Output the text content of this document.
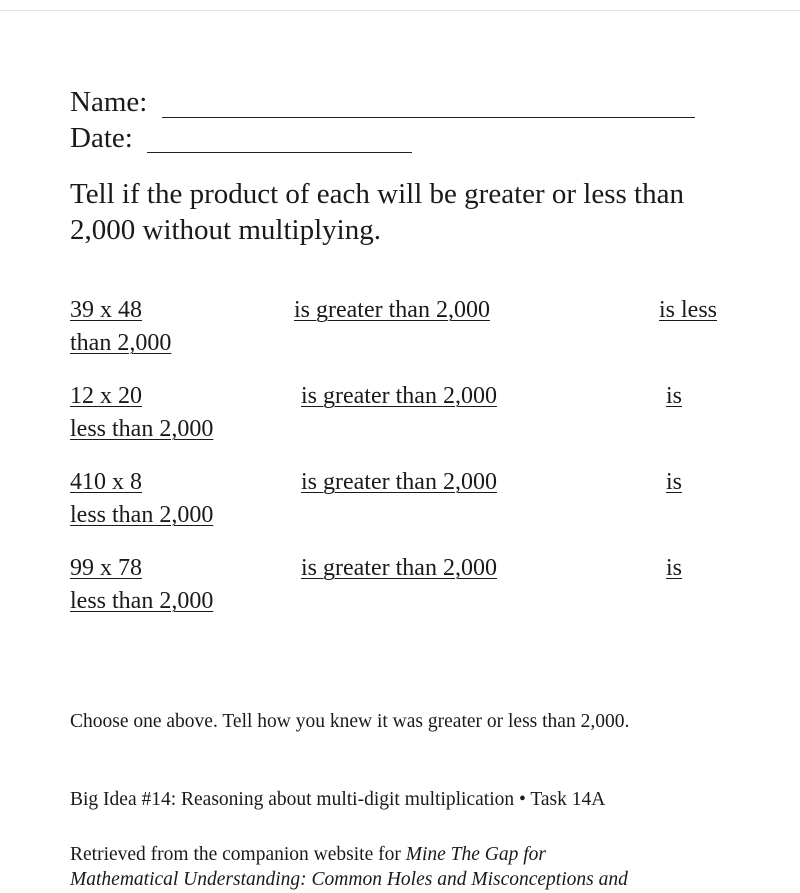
Name:
Date:
Tell if the product of each will be greater or less than 2,000 without multiplying.
39 x 48	is greater than 2,000	is less
than 2,000
12 x 20	is greater than 2,000	is
less than 2,000
410 x 8	is greater than 2,000	is
less than 2,000
99 x 78	is greater than 2,000	is
less than 2,000
Choose one above. Tell how you knew it was greater or less than 2,000.
Big Idea #14: Reasoning about multi-digit multiplication • Task 14A
Retrieved from the companion website for Mine The Gap for
Mathematical Understanding: Common Holes and Misconceptions and
